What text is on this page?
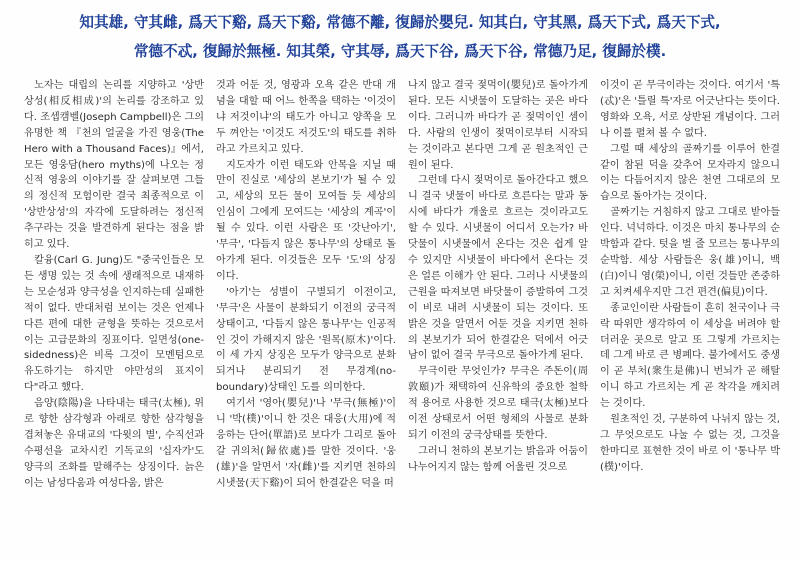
知其雄, 守其雌, 爲天下谿, 爲天下谿, 常德不離, 復歸於嬰兒. 知其白, 守其黑, 爲天下式, 爲天下式,
常德不忒, 復歸於無極. 知其榮, 守其辱, 爲天下谷, 爲天下谷, 常德乃足, 復歸於樸.

노자는 대립의 논리를 지양하고 '상반상성(相反相成)'의 논리를 강조하고 있다. 조셉캠벨(Joseph Campbell)은 그의 유명한 책 『천의 얼굴을 가진 영웅(The Hero with a Thousand Faces)』에서, 모든 영웅담(hero myths)에 나오는 정신적 영웅의 이야기를 잘 살펴보면 그들의 정신적 모험이란 결국 최종적으로 이 '상반상성'의 자각에 도달하려는 정신적 추구라는 것을 발견하게 된다는 점을 밝히고 있다.

칼융(Carl G. Jung)도 "중국인들은 모든 생명 있는 것 속에 생래적으로 내재하는 모순성과 양극성을 인지하는데 실패한 적이 없다. 반대처럼 보이는 것은 언제나 다른 편에 대한 균형을 뜻하는 것으로서 이는 고급문화의 징표이다. 일면성(one-sidedness)은 비록 그것이 모멘텀으로 유도하기는 하지만 야만성의 표지이다"라고 했다.

음양(陰陽)을 나타내는 태극(太極), 위로 향한 삼각형과 아래로 향한 삼각형을 겹쳐놓은 유대교의 '다윗의 별', 수직선과 수평선을 교차시킨 기독교의 '십자가'도 양극의 조화를 말해주는 상징이다. 늙은이는 남성다움과 여성다움, 밝은

것과 어둔 것, 영광과 오욕 같은 반대 개념을 대할 때 어느 한쪽을 택하는 '이것이냐 저것이냐'의 태도가 아니고 양쪽을 모두 껴안는 '이것도 저것도'의 태도를 취하라고 가르치고 있다.

지도자가 이런 태도와 안목을 지닐 때만이 진실로 '세상의 본보기'가 될 수 있고, 세상의 모든 물이 모여들 듯 세상의 인심이 그에게 모여드는 '세상의 계곡'이 될 수 있다. 이런 사람은 또 '갓난아기', '무극', '다듬지 않은 통나무'의 상태로 돌아가게 된다. 이것들은 모두 '도'의 상징이다.

'아기'는 성별이 구별되기 이전이고, '무극'은 사물이 분화되기 이전의 궁극적 상태이고, '다듬지 않은 통나무'는 인공적인 것이 가해지지 않은 '원목(原木)'이다. 이 세 가지 상징은 모두가 양극으로 분화되거나 분리되기 전 무경계(no-boundary)상태인 도를 의미한다.

여기서 '영아(嬰兒)'나 '무극(無極)'이니 '박(樸)'이니 한 것은 대응(大用)에 적응하는 단어(單語)로 보다가 그리로 돌아갈 귀의처(歸依處)를 말한 것이다. '웅(雄)'을 알면서 '자(雌)'를 지키면 천하의 시냇물(天下谿)이 되어 한결같은 덕을 떠

나지 않고 결국 젖먹이(嬰兒)로 돌아가게 된다. 모든 시냇물이 도달하는 곳은 바다이다. 그러니까 바다가 곧 젖먹이인 셈이다. 사람의 인생이 젖먹이로부터 시작되는 것이라고 본다면 그게 곧 원초적인 근원이 된다.

그런데 다시 젖먹이로 돌아간다고 했으니 결국 냇물이 바다로 흐른다는 말과 동시에 바다가 개울로 흐르는 것이라고도 할 수 있다. 시냇물이 어디서 오는가? 바닷물이 시냇물에서 온다는 것은 쉽게 알 수 있지만 시냇물이 바다에서 온다는 것은 얼른 이해가 안 된다. 그러나 시냇물의 근원을 따져보면 바닷물이 증발하여 그것이 비로 내려 시냇물이 되는 것이다. 또 밝은 것을 알면서 어둔 것을 지키면 천하의 본보기가 되어 한결같은 덕에서 어긋남이 없어 결국 무극으로 돌아가게 된다.

무극이란 무엇인가? 무극은 주돈이(周敦頤)가 채택하여 신유학의 중요한 철학적 용어로 사용한 것으로 태극(太極)보다 이전 상태로서 어떤 형체의 사물로 분화되기 이전의 궁극상태를 뜻한다.

그러니 천하의 본보기는 밝음과 어둠이 나누어지지 않는 함께 어울린 것으로

이것이 곧 무극이라는 것이다. 여기서 '특(忒)'은 '틀릴 특'자로 어긋난다는 뜻이다. 영화와 오욕, 서로 상반된 개념이다. 그러나 이를 펼쳐 볼 수 없다.

그럴 때 세상의 골짜기를 이루어 한결같이 참된 덕을 갖추어 모자라지 않으니 이는 다듬어지지 않은 천연 그대로의 모습으로 돌아가는 것이다.

골짜기는 거침하지 않고 그대로 받아들인다. 넉넉하다. 이것은 마치 통나무의 순박함과 같다. 텃을 벌 줄 모르는 통나무의 순박함. 세상 사람들은 웅(雄)이니, 백(白)이니 영(榮)이니, 이런 것들만 존중하고 치켜세우지만 그건 편견(偏見)이다.

종교인이란 사람들이 흔히 천국이나 극락 따위만 생각하여 이 세상을 버려야 할 더러운 곳으로 알고 또 그렇게 가르치는데 그게 바로 큰 병폐다. 불가에서도 중생이 곧 부처(衆生是佛)니 번뇌가 곧 해탈이니 하고 가르치는 게 곧 착각을 깨치려는 것이다.

원초적인 것, 구분하여 나뉘지 않는 것, 그 무엇으로도 나눌 수 없는 것, 그것을 한마디로 표현한 것이 바로 이 '통나무 박(樸)'이다.
